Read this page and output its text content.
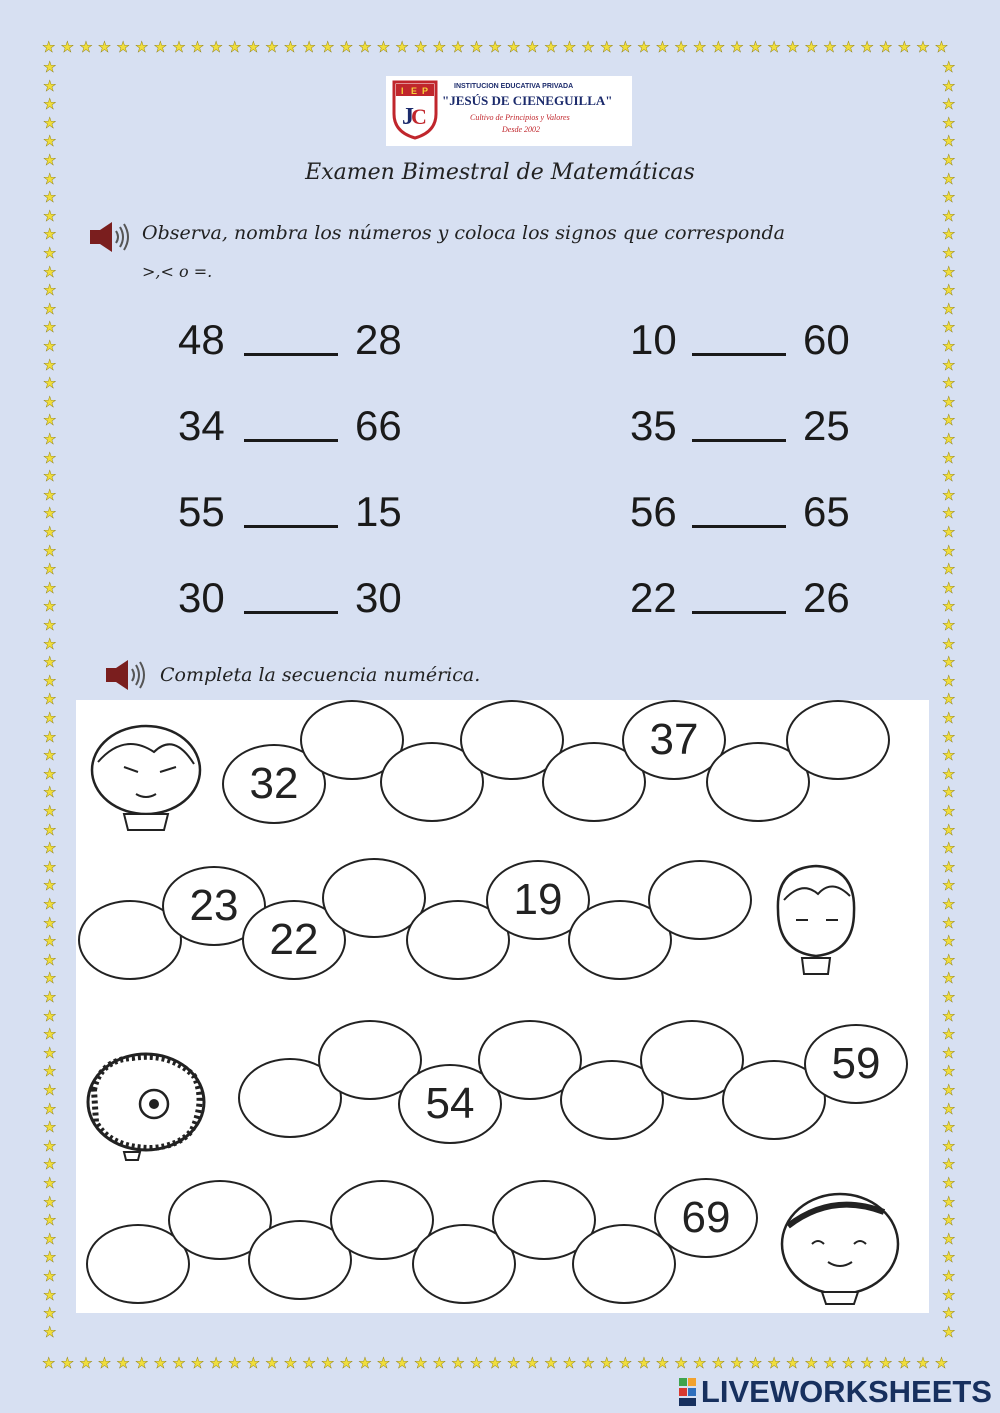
★
★
★
★
★
★
★
★
★
★
★
★
★
★
★
★
★
★
★
★
★
★
★
★
★
★
★
★
★
★
★
★
★
★
★
★
★
★
★
★
★
★
★
★
★
★
★
★
★
★
★
★
★
★
★
★
★
★
★
★
★
★
★
★
★
★
★
★
★
★
★
★
★
★
★
★
★
★
★
★
★
★
★
★
★
★
★
★
★
★
★
★
★
★
★
★
★
★
★	★
★	★
★	★
★	★
★	★
★	★
★	★
★	★
★	★
★	★
★	★
★	★
★	★
★	★
★	★
★	★
★	★
★	★
★	★
★	★
★	★
★	★
★	★
★	★
★	★
★	★
★	★
★	★
★	★
★	★
★	★
★	★
★	★
★	★
★	★
★	★
★	★
★	★
★	★
★	★
★	★
★	★
★	★
★	★
★	★
★	★
★	★
★	★
★	★
★	★
★	★
★	★
★	★
★	★
★	★
★	★
★	★
★	★
★	★
★	★
★	★
★	★
★	★
★	★
★	★
★	★
★	★
★	★
★	★
I E P
J
C
INSTITUCION EDUCATIVA PRIVADA
"JESÚS DE CIENEGUILLA"
Cultivo de Principios y Valores
Desde 2002
Examen Bimestral de Matemáticas
Observa, nombra los números y coloca los signos que corresponda
>,< o =.
48	28
34	66
55	15
30	30
10	60
35	25
56	65
22	26
Completa la secuencia numérica.
32
37
23
22
19
54
59
69
LIVEWORKSHEETS
